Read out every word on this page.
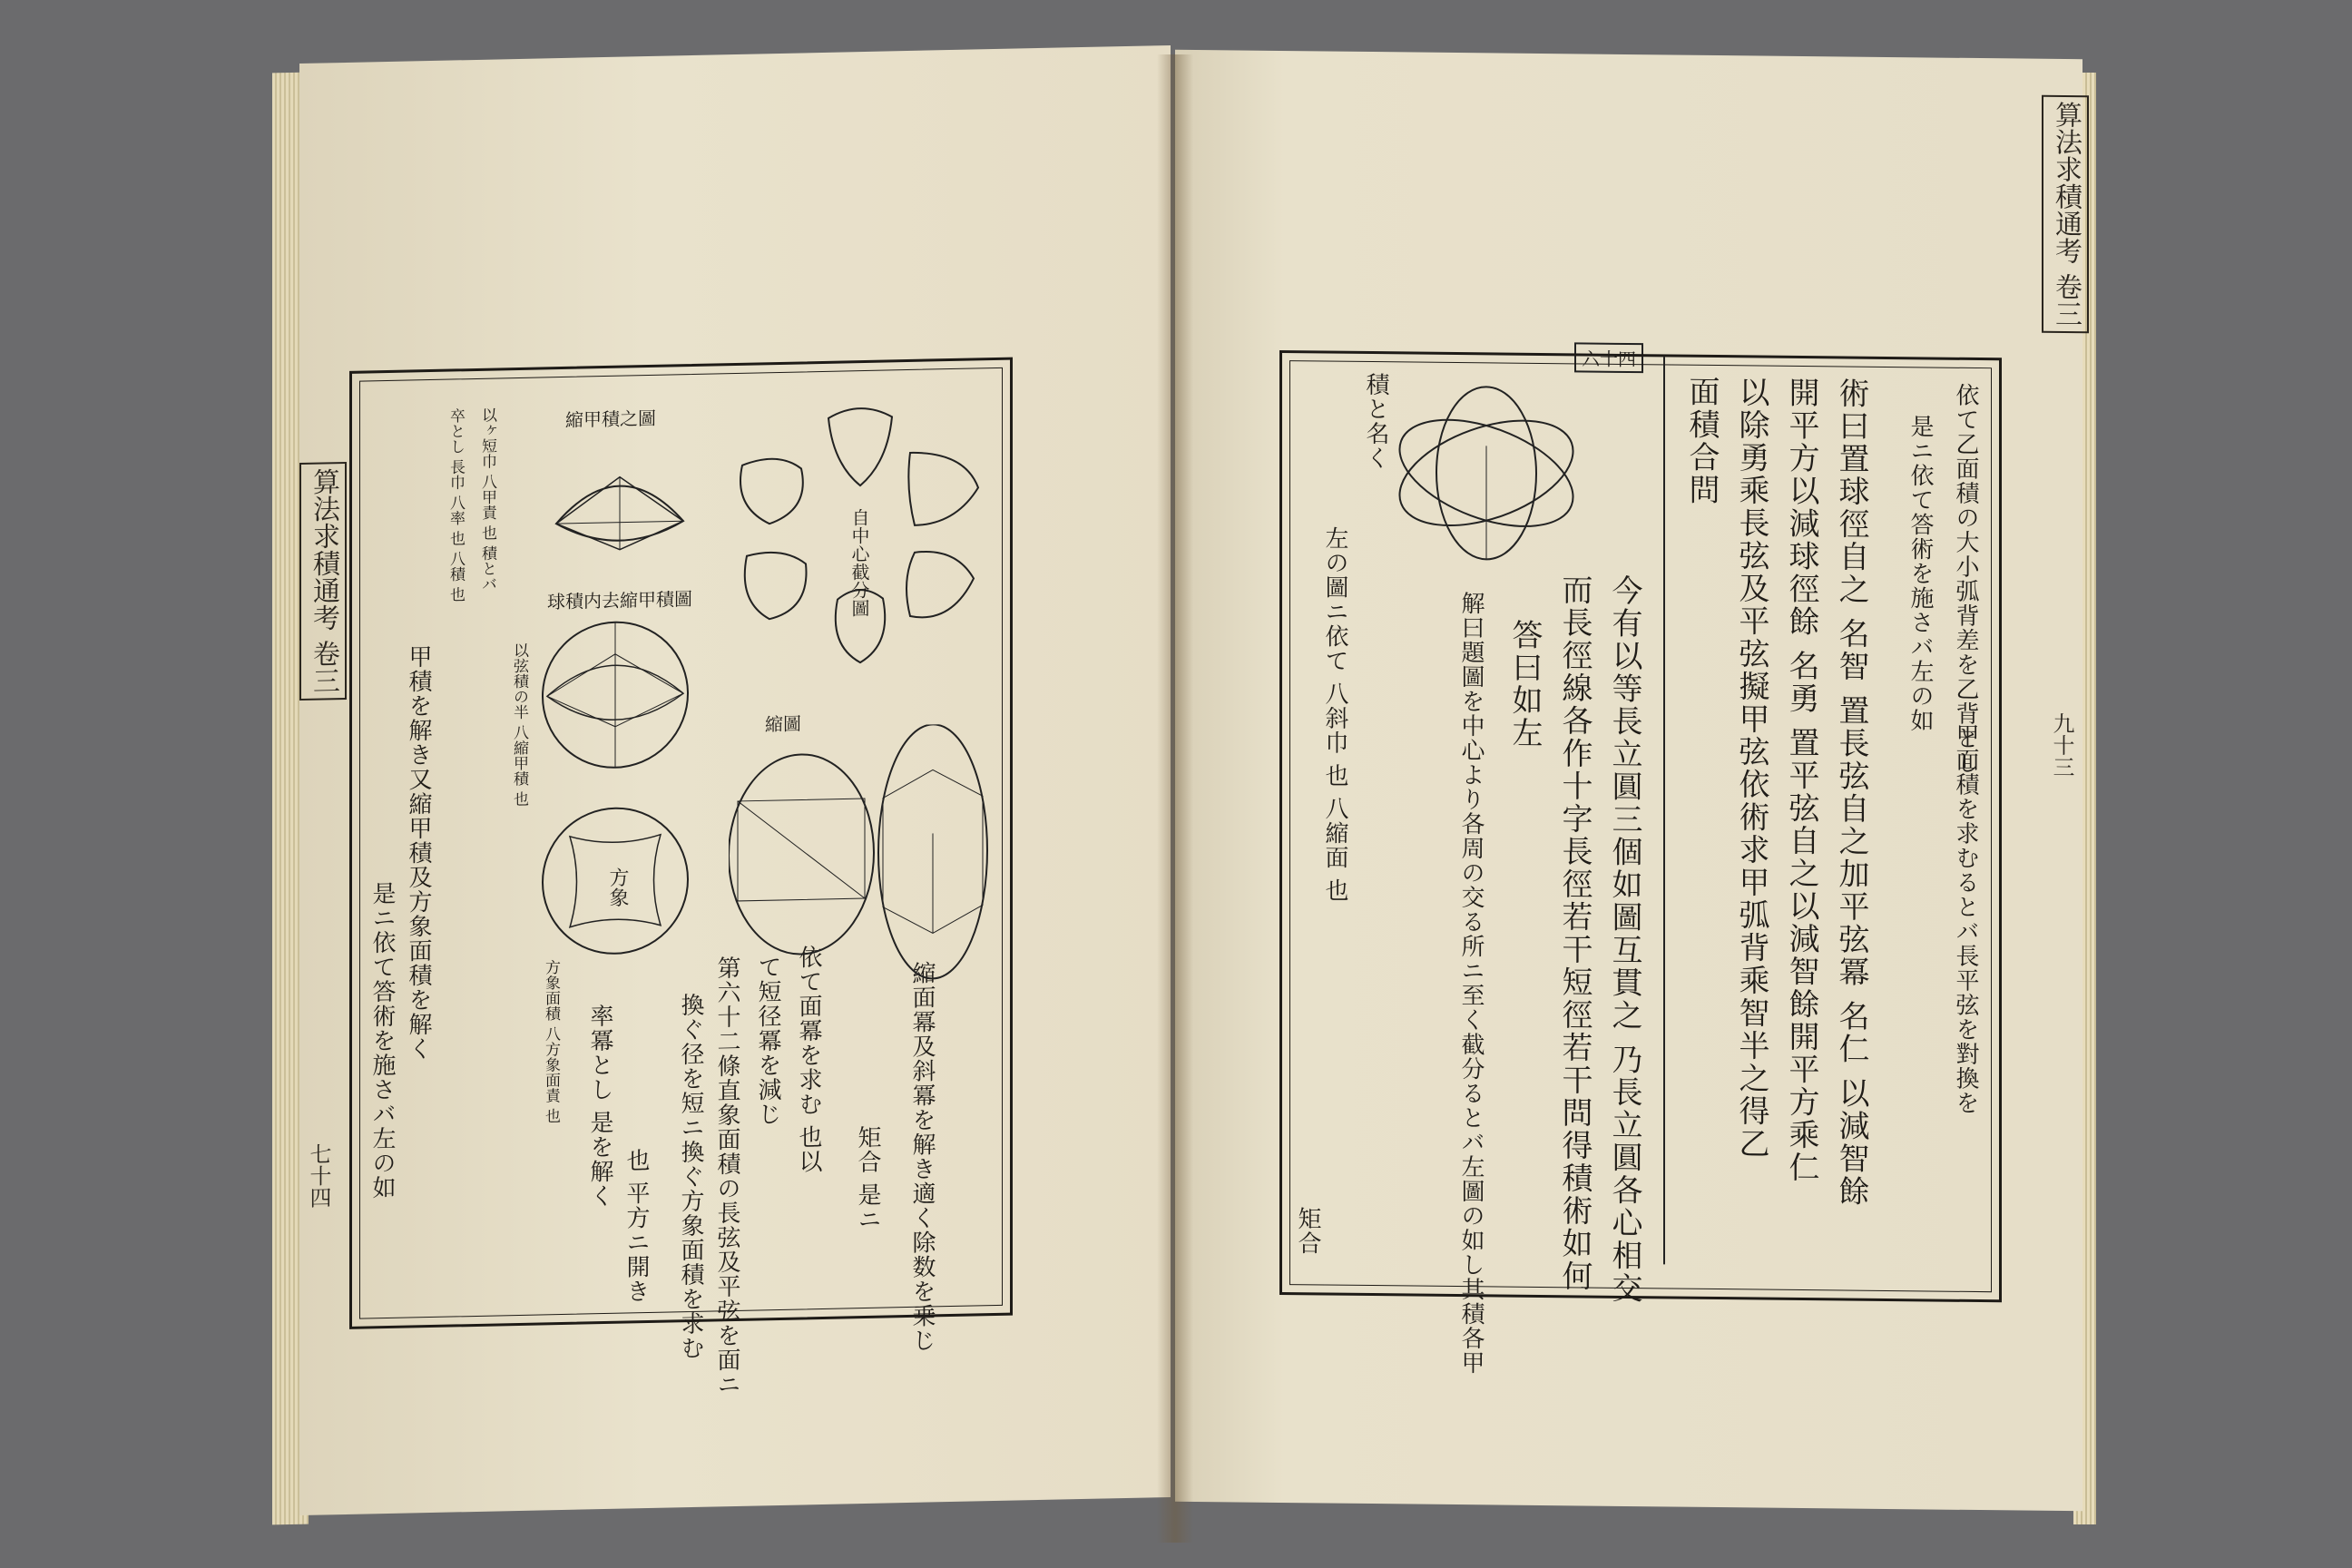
算法求積通考 卷三
七十四 是ニ依て答術を施さバ左の如 甲積を解き又縮甲積及方象面積を解く
卒とし 長巾 八率 也 八積 也 以ヶ短巾 八甲責 也 積とバ
以弦積の半 八縮甲積 也
方象面積 八方象面責 也 率冪とし 是を解く
也 平方ニ開き 換ぐ径を短ニ換ぐ方象面積を求む 第六十二條直象面積の長弦及平弦を面ニ て短径冪を減じ 依て面冪を求む 也以	縮面冪及斜冪を解き適く除数を乗じ
矩合 是ニ
縮甲積之圖
球積内去縮甲積圖
方象
自中心截分圖
縮圖
算法求積通考 卷三
九十三
六十四
依て乙面積の大小弧背差を乙背とし
甲面積を求むるとバ長平弦を對換を
是ニ依て答術を施さバ左の如
術曰置球徑自之 名智 置長弦自之加平弦冪 名仁 以減智餘
開平方以減球徑餘 名勇 置平弦自之以減智餘開平方乘仁
以除勇乘長弦及平弦擬甲弦依術求甲弧背乘智半之得乙
面積合問
今有以等長立圓三個如圖互貫之 乃長立圓各心相交
而長徑線各作十字長徑若干短徑若干問得積術如何
答曰如左
解曰題圖を中心より各周の交る所ニ至く截分るとバ左圖の如し其積各甲
積と名く
左の圖ニ依て 八斜巾 也 八縮面 也
矩合
